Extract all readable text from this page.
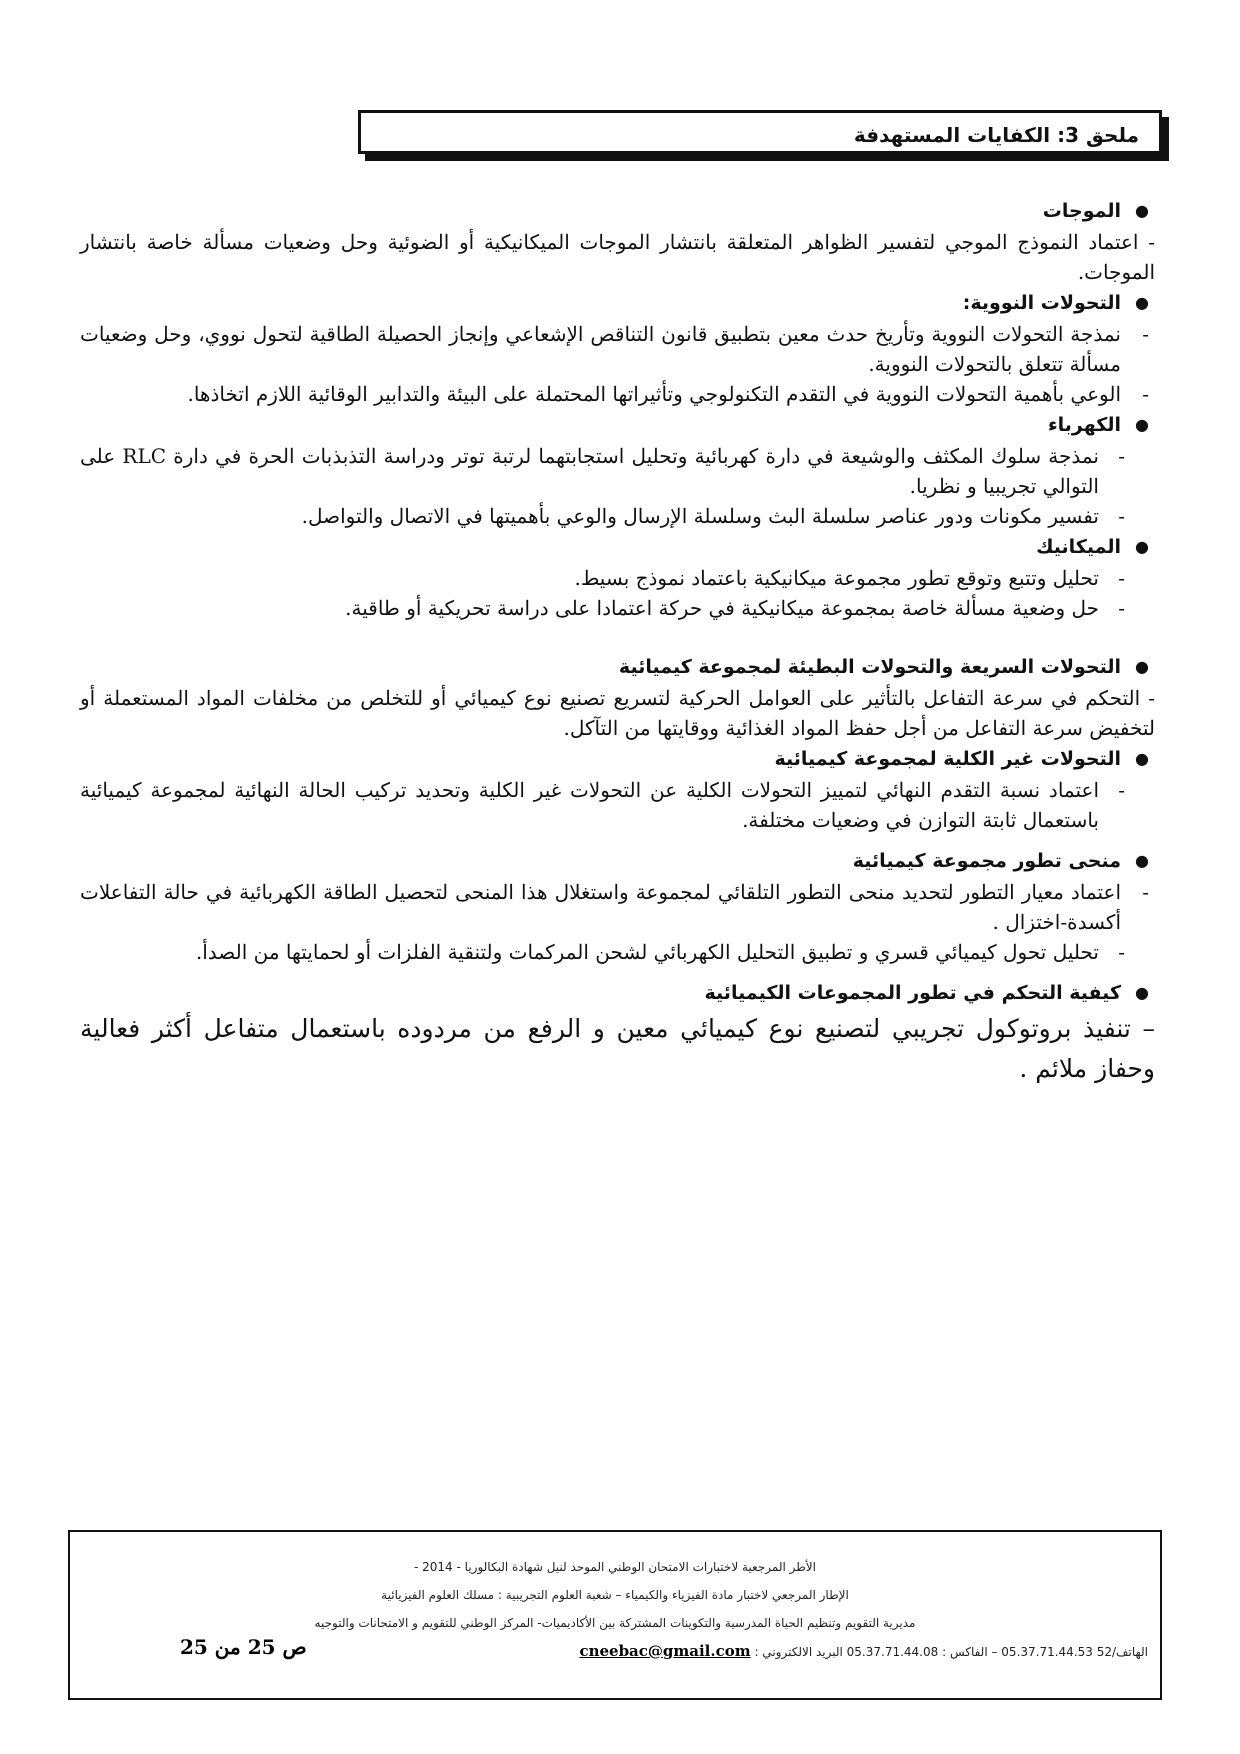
ملحق 3: الكفايات المستهدفة

●
الموجات

- اعتماد النموذج الموجي لتفسير الظواهر المتعلقة بانتشار الموجات الميكانيكية أو الضوئية وحل وضعيات مسألة خاصة بانتشار الموجات.

●
التحولات النووية:

-
نمذجة التحولات النووية وتأريخ حدث معين بتطبيق قانون التناقص الإشعاعي وإنجاز الحصيلة الطاقية لتحول نووي، وحل وضعيات مسألة تتعلق بالتحولات النووية.

-
الوعي بأهمية التحولات النووية في التقدم التكنولوجي وتأثيراتها المحتملة على البيئة والتدابير الوقائية اللازم اتخاذها.

●
الكهرباء

-
نمذجة سلوك المكثف والوشيعة في دارة كهربائية وتحليل استجابتهما لرتبة توتر ودراسة التذبذبات الحرة في دارة RLC على التوالي تجريبيا و نظريا.

-
تفسير مكونات ودور عناصر سلسلة البث وسلسلة الإرسال والوعي بأهميتها في الاتصال والتواصل.

●
الميكانيك

-
تحليل وتتبع وتوقع تطور مجموعة ميكانيكية باعتماد نموذج بسيط.

-
حل وضعية مسألة خاصة بمجموعة ميكانيكية في حركة اعتمادا على دراسة تحريكية أو طاقية.

●
التحولات السريعة والتحولات البطيئة لمجموعة كيميائية

- التحكم في سرعة التفاعل بالتأثير على العوامل الحركية لتسريع تصنيع نوع كيميائي أو للتخلص من مخلفات المواد المستعملة أو لتخفيض سرعة التفاعل من أجل حفظ المواد الغذائية ووقايتها من التآكل.

●
التحولات غير الكلية لمجموعة كيميائية

-
اعتماد نسبة التقدم النهائي لتمييز التحولات الكلية عن التحولات غير الكلية وتحديد تركيب الحالة النهائية لمجموعة كيميائية باستعمال ثابتة التوازن في وضعيات مختلفة.

●
منحى تطور مجموعة كيميائية

-
اعتماد معيار التطور لتحديد منحى التطور التلقائي لمجموعة واستغلال هذا المنحى لتحصيل الطاقة الكهربائية في حالة التفاعلات أكسدة-اختزال .

-
تحليل تحول كيميائي قسري و تطبيق التحليل الكهربائي لشحن المركمات ولتنقية الفلزات أو لحمايتها من الصدأ.

●
كيفية التحكم في تطور المجموعات الكيميائية

– تنفيذ بروتوكول تجريبي لتصنيع نوع كيميائي معين و الرفع من مردوده باستعمال متفاعل أكثر فعالية وحفاز ملائم .

الأطر المرجعية لاختبارات الامتحان الوطني الموحد لنيل شهادة البكالوريا - 2014 -
الإطار المرجعي لاختبار مادة الفيزياء والكيمياء – شعبة العلوم التجريبية : مسلك العلوم الفيزيائية
مديرية التقويم وتنظيم الحياة المدرسية والتكوينات المشتركة بين الأكاديميات- المركز الوطني للتقويم و الامتحانات والتوجيه
الهاتف/52 05.37.71.44.53 – الفاكس : 05.37.71.44.08 البريد الالكتروني : cneebac@gmail.com
ص 25 من 25
